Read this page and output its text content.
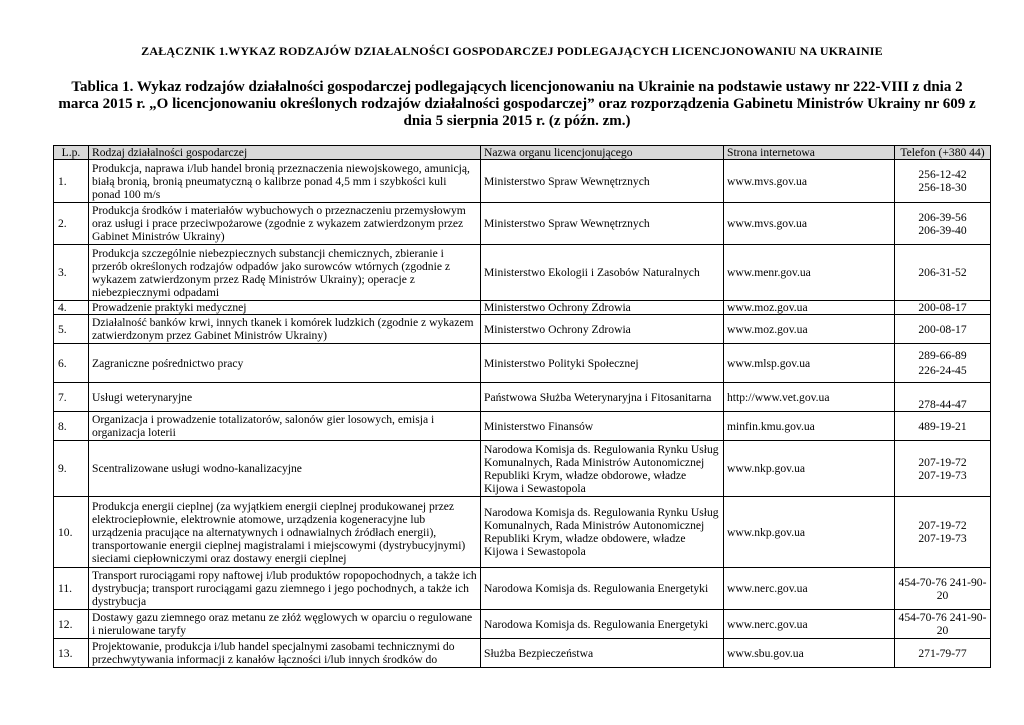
ZAŁĄCZNIK 1.WYKAZ RODZAJÓW DZIAŁALNOŚCI GOSPODARCZEJ PODLEGAJĄCYCH LICENCJONOWANIU NA UKRAINIE
Tablica 1. Wykaz rodzajów działalności gospodarczej podlegających licencjonowaniu na Ukrainie na podstawie ustawy nr 222-VIII z dnia 2 marca 2015 r. „O licencjonowaniu określonych rodzajów działalności gospodarczej” oraz rozporządzenia Gabinetu Ministrów Ukrainy nr 609 z dnia 5 sierpnia 2015 r. (z późn. zm.)
L.p.	Rodzaj działalności gospodarczej	Nazwa organu licencjonującego	Strona internetowa	Telefon (+380 44)
1.	Produkcja, naprawa i/lub handel bronią przeznaczenia niewojskowego, amunicją, białą bronią, bronią pneumatyczną o kalibrze ponad 4,5 mm i szybkości kuli ponad 100 m/s	Ministerstwo Spraw Wewnętrznych	www.mvs.gov.ua	256-12-42
256-18-30

2.	Produkcja środków i materiałów wybuchowych o przeznaczeniu przemysłowym oraz usługi i prace przeciwpożarowe (zgodnie z wykazem zatwierdzonym przez Gabinet Ministrów Ukrainy)	Ministerstwo Spraw Wewnętrznych	www.mvs.gov.ua	206-39-56
206-39-40

3.	Produkcja szczególnie niebezpiecznych substancji chemicznych, zbieranie i przerób określonych rodzajów odpadów jako surowców wtórnych (zgodnie z wykazem zatwierdzonym przez Radę Ministrów Ukrainy); operacje z niebezpiecznymi odpadami	Ministerstwo Ekologii i Zasobów Naturalnych	www.menr.gov.ua	206-31-52

4.	Prowadzenie praktyki medycznej	Ministerstwo Ochrony Zdrowia	www.moz.gov.ua	200-08-17

5.	Działalność banków krwi, innych tkanek i komórek ludzkich (zgodnie z wykazem zatwierdzonym przez Gabinet Ministrów Ukrainy)	Ministerstwo Ochrony Zdrowia	www.moz.gov.ua	200-08-17

6.	Zagraniczne pośrednictwo pracy	Ministerstwo Polityki Społecznej	www.mlsp.gov.ua	289-66-89
226-24-45

7.	Usługi weterynaryjne	Państwowa Służba Weterynaryjna i Fitosanitarna	http://www.vet.gov.ua	278-44-47

8.	Organizacja i prowadzenie totalizatorów, salonów gier losowych, emisja i organizacja loterii	Ministerstwo Finansów	minfin.kmu.gov.ua	489-19-21

9.	Scentralizowane usługi wodno-kanalizacyjne	Narodowa Komisja ds. Regulowania Rynku Usług Komunalnych, Rada Ministrów Autonomicznej Republiki Krym, władze obdorowe, władze Kijowa i Sewastopola	www.nkp.gov.ua	207-19-72
207-19-73

10.	Produkcja energii cieplnej (za wyjątkiem energii cieplnej produkowanej przez elektrociepłownie, elektrownie atomowe, urządzenia kogeneracyjne lub urządzenia pracujące na alternatywnych i odnawialnych źródłach energii), transportowanie energii cieplnej magistralami i miejscowymi (dystrybucyjnymi) sieciami ciepłowniczymi oraz dostawy energii cieplnej	Narodowa Komisja ds. Regulowania Rynku Usług Komunalnych, Rada Ministrów Autonomicznej Republiki Krym, władze obdowere, władze Kijowa i Sewastopola	www.nkp.gov.ua	207-19-72
207-19-73

11.	Transport rurociągami ropy naftowej i/lub produktów ropopochodnych, a także ich dystrybucja; transport rurociągami gazu ziemnego i jego pochodnych, a także ich dystrybucja	Narodowa Komisja ds. Regulowania Energetyki	www.nerc.gov.ua	454-70-76 241-90-20

12.	Dostawy gazu ziemnego oraz metanu ze złóż węglowych w oparciu o regulowane i nierulowane taryfy	Narodowa Komisja ds. Regulowania Energetyki	www.nerc.gov.ua	454-70-76 241-90-20

13.	Projektowanie, produkcja i/lub handel specjalnymi zasobami technicznymi do przechwytywania informacji z kanałów łączności i/lub innych środków do	Służba Bezpieczeństwa	www.sbu.gov.ua	271-79-77
